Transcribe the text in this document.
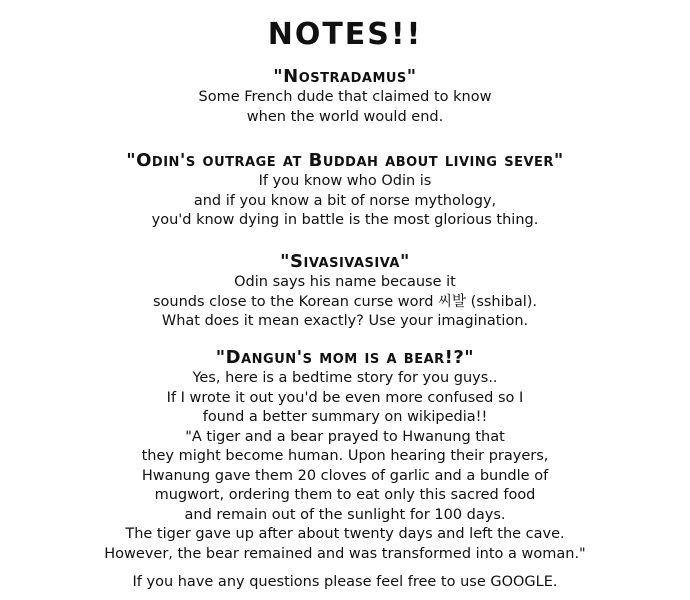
NOTES!!

"Nostradamus"

Some French dude that claimed to know

when the world would end.

"Odin's outrage at Buddah about living sever"

If you know who Odin is

and if you know a bit of norse mythology,

you'd know dying in battle is the most glorious thing.

"Sivasivasiva"

Odin says his name because it

sounds close to the Korean curse word 씨발 (sshibal).

What does it mean exactly? Use your imagination.

"Dangun's mom is a bear!?"

Yes, here is a bedtime story for you guys..

If I wrote it out you'd be even more confused so I

found a better summary on wikipedia!!

"A tiger and a bear prayed to Hwanung that

they might become human. Upon hearing their prayers,

Hwanung gave them 20 cloves of garlic and a bundle of

mugwort, ordering them to eat only this sacred food

and remain out of the sunlight for 100 days.

The tiger gave up after about twenty days and left the cave.

However, the bear remained and was transformed into a woman."

If you have any questions please feel free to use GOOGLE.
